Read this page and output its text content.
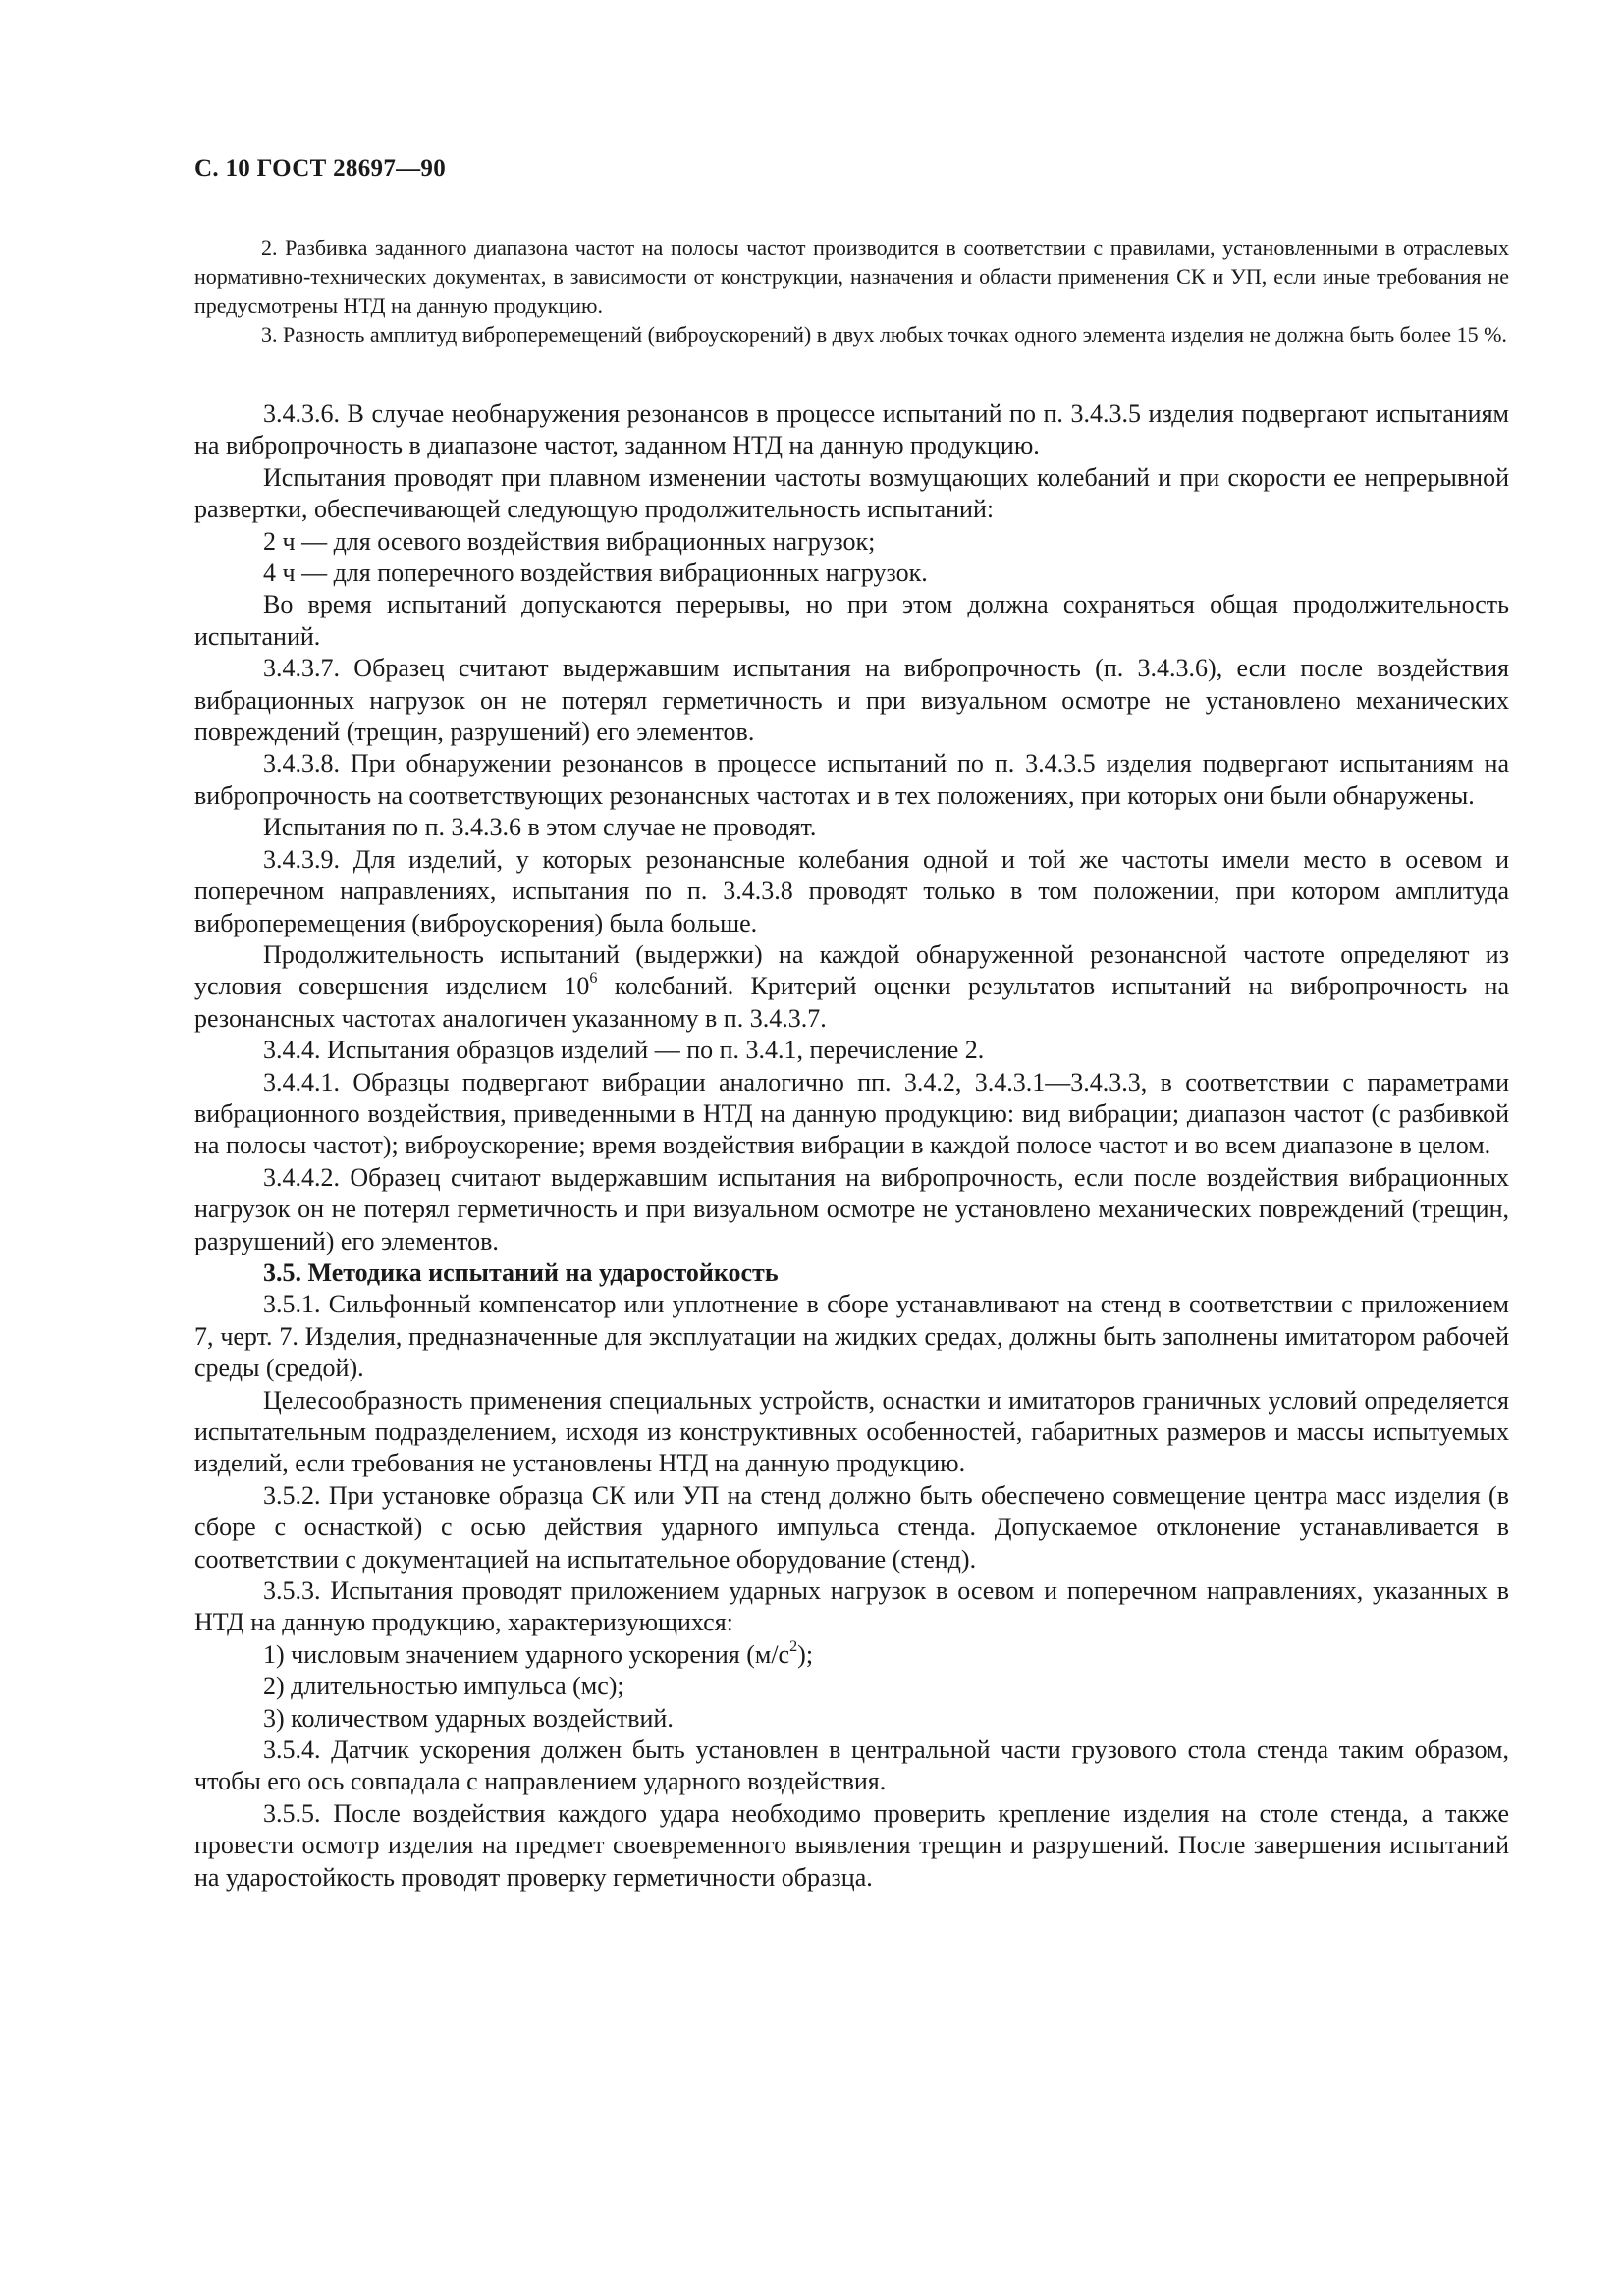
С. 10 ГОСТ 28697—90

2. Разбивка заданного диапазона частот на полосы частот производится в соответствии с правилами, установленными в отраслевых нормативно-технических документах, в зависимости от конструкции, назначения и области применения СК и УП, если иные требования не предусмотрены НТД на данную продукцию.

3. Разность амплитуд виброперемещений (виброускорений) в двух любых точках одного элемента изделия не должна быть более 15 %.

3.4.3.6. В случае необнаружения резонансов в процессе испытаний по п. 3.4.3.5 изделия подвергают испытаниям на вибропрочность в диапазоне частот, заданном НТД на данную продукцию.

Испытания проводят при плавном изменении частоты возмущающих колебаний и при скорости ее непрерывной развертки, обеспечивающей следующую продолжительность испытаний:

2 ч — для осевого воздействия вибрационных нагрузок;

4 ч — для поперечного воздействия вибрационных нагрузок.

Во время испытаний допускаются перерывы, но при этом должна сохраняться общая продолжительность испытаний.

3.4.3.7. Образец считают выдержавшим испытания на вибропрочность (п. 3.4.3.6), если после воздействия вибрационных нагрузок он не потерял герметичность и при визуальном осмотре не установлено механических повреждений (трещин, разрушений) его элементов.

3.4.3.8. При обнаружении резонансов в процессе испытаний по п. 3.4.3.5 изделия подвергают испытаниям на вибропрочность на соответствующих резонансных частотах и в тех положениях, при которых они были обнаружены.

Испытания по п. 3.4.3.6 в этом случае не проводят.

3.4.3.9. Для изделий, у которых резонансные колебания одной и той же частоты имели место в осевом и поперечном направлениях, испытания по п. 3.4.3.8 проводят только в том положении, при котором амплитуда виброперемещения (виброускорения) была больше.

Продолжительность испытаний (выдержки) на каждой обнаруженной резонансной частоте определяют из условия совершения изделием $10^6$ колебаний. Критерий оценки результатов испытаний на вибропрочность на резонансных частотах аналогичен указанному в п. 3.4.3.7.

3.4.4. Испытания образцов изделий — по п. 3.4.1, перечисление 2.

3.4.4.1. Образцы подвергают вибрации аналогично пп. 3.4.2, 3.4.3.1—3.4.3.3, в соответствии с параметрами вибрационного воздействия, приведенными в НТД на данную продукцию: вид вибрации; диапазон частот (с разбивкой на полосы частот); виброускорение; время воздействия вибрации в каждой полосе частот и во всем диапазоне в целом.

3.4.4.2. Образец считают выдержавшим испытания на вибропрочность, если после воздействия вибрационных нагрузок он не потерял герметичность и при визуальном осмотре не установлено механических повреждений (трещин, разрушений) его элементов.

3.5. Методика испытаний на ударостойкость

3.5.1. Сильфонный компенсатор или уплотнение в сборе устанавливают на стенд в соответствии с приложением 7, черт. 7. Изделия, предназначенные для эксплуатации на жидких средах, должны быть заполнены имитатором рабочей среды (средой).

Целесообразность применения специальных устройств, оснастки и имитаторов граничных условий определяется испытательным подразделением, исходя из конструктивных особенностей, габаритных размеров и массы испытуемых изделий, если требования не установлены НТД на данную продукцию.

3.5.2. При установке образца СК или УП на стенд должно быть обеспечено совмещение центра масс изделия (в сборе с оснасткой) с осью действия ударного импульса стенда. Допускаемое отклонение устанавливается в соответствии с документацией на испытательное оборудование (стенд).

3.5.3. Испытания проводят приложением ударных нагрузок в осевом и поперечном направлениях, указанных в НТД на данную продукцию, характеризующихся:

1) числовым значением ударного ускорения $(м/с^2)$;

2) длительностью импульса (мс);

3) количеством ударных воздействий.

3.5.4. Датчик ускорения должен быть установлен в центральной части грузового стола стенда таким образом, чтобы его ось совпадала с направлением ударного воздействия.

3.5.5. После воздействия каждого удара необходимо проверить крепление изделия на столе стенда, а также провести осмотр изделия на предмет своевременного выявления трещин и разрушений. После завершения испытаний на ударостойкость проводят проверку герметичности образца.
